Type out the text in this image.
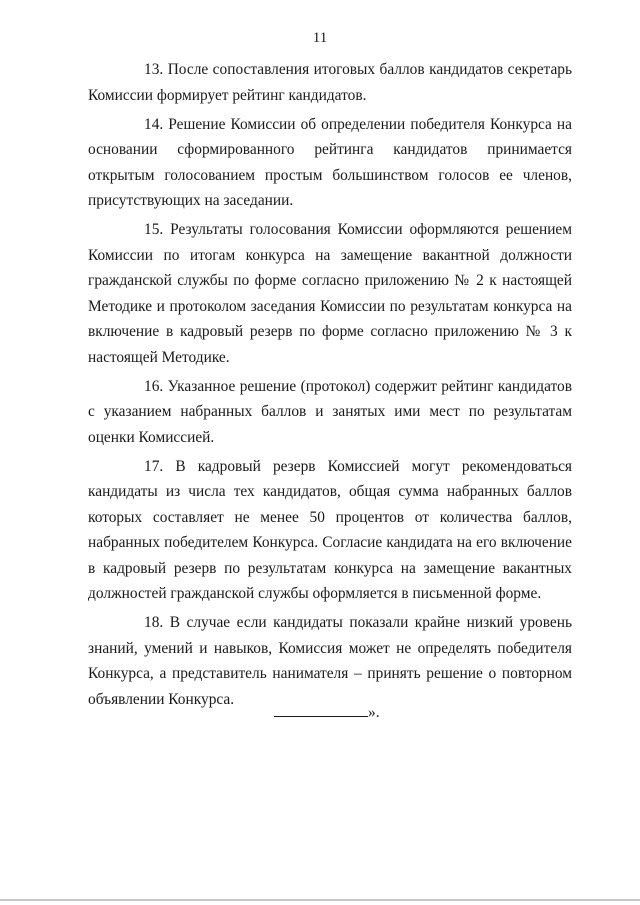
11

13. После сопоставления итоговых баллов кандидатов секретарь Комиссии формирует рейтинг кандидатов.

14. Решение Комиссии об определении победителя Конкурса на основании сформированного рейтинга кандидатов принимается открытым голосованием простым большинством голосов ее членов, присутствующих на заседании.

15. Результаты голосования Комиссии оформляются решением Комиссии по итогам конкурса на замещение вакантной должности гражданской службы по форме согласно приложению № 2 к настоящей Методике и протоколом заседания Комиссии по результатам конкурса на включение в кадровый резерв по форме согласно приложению № 3 к настоящей Методике.

16. Указанное решение (протокол) содержит рейтинг кандидатов с указанием набранных баллов и занятых ими мест по результатам оценки Комиссией.

17. В кадровый резерв Комиссией могут рекомендоваться кандидаты из числа тех кандидатов, общая сумма набранных баллов которых составляет не менее 50 процентов от количества баллов, набранных победителем Конкурса. Согласие кандидата на его включение в кадровый резерв по результатам конкурса на замещение вакантных должностей гражданской службы оформляется в письменной форме.

18. В случае если кандидаты показали крайне низкий уровень знаний, умений и навыков, Комиссия может не определять победителя Конкурса, а представитель нанимателя – принять решение о повторном объявлении Конкурса.

».
